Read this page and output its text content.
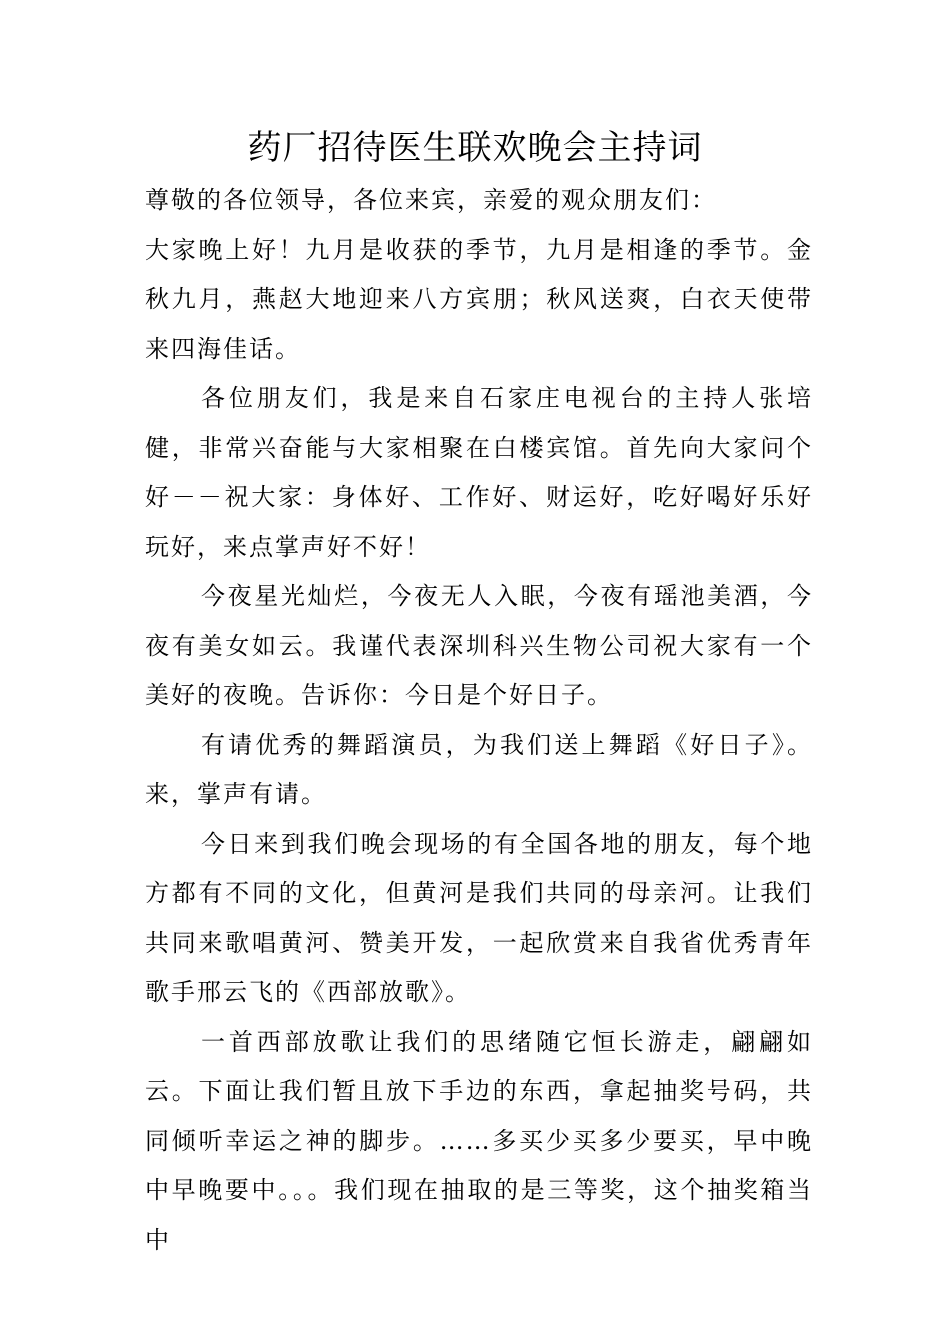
药厂招待医生联欢晚会主持词

尊敬的各位领导，各位来宾，亲爱的观众朋友们：

大家晚上好！九月是收获的季节，九月是相逢的季节。金秋九月，燕赵大地迎来八方宾朋；秋风送爽，白衣天使带来四海佳话。

各位朋友们，我是来自石家庄电视台的主持人张培健，非常兴奋能与大家相聚在白楼宾馆。首先向大家问个好－－祝大家：身体好、工作好、财运好，吃好喝好乐好玩好，来点掌声好不好！

今夜星光灿烂，今夜无人入眠，今夜有瑶池美酒，今夜有美女如云。我谨代表深圳科兴生物公司祝大家有一个美好的夜晚。告诉你：今日是个好日子。

有请优秀的舞蹈演员，为我们送上舞蹈《好日子》。来，掌声有请。

今日来到我们晚会现场的有全国各地的朋友，每个地方都有不同的文化，但黄河是我们共同的母亲河。让我们共同来歌唱黄河、赞美开发，一起欣赏来自我省优秀青年歌手邢云飞的《西部放歌》。

一首西部放歌让我们的思绪随它恒长游走，翩翩如云。下面让我们暂且放下手边的东西，拿起抽奖号码，共同倾听幸运之神的脚步。……多买少买多少要买，早中晚中早晚要中。。。我们现在抽取的是三等奖，这个抽奖箱当中
